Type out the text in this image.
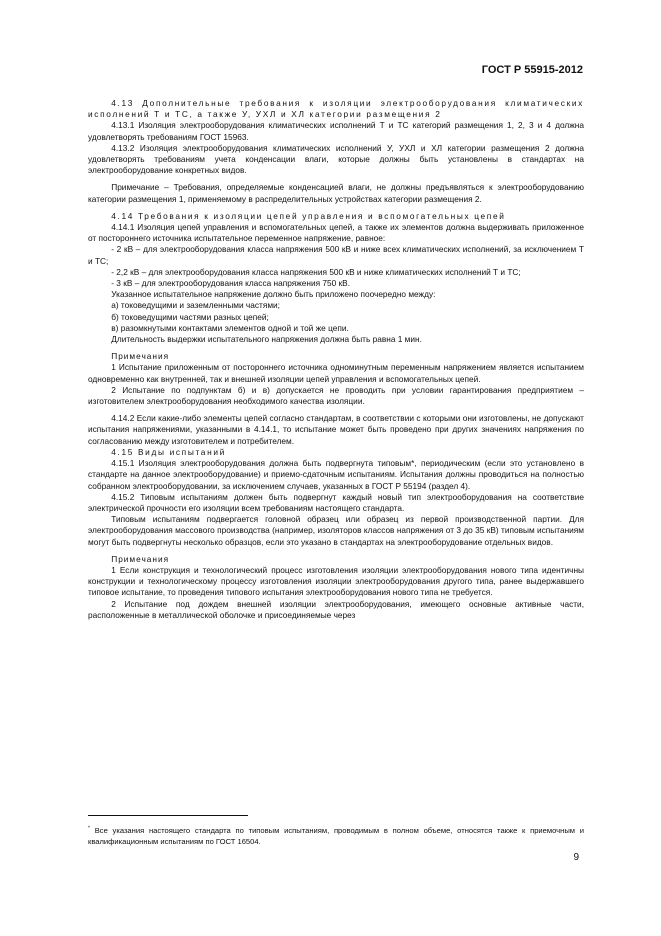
ГОСТ Р 55915-2012

4.13 Дополнительные требования к изоляции электрооборудования климатических исполнений Т и ТС, а также У, УХЛ и ХЛ категории размещения 2

4.13.1 Изоляция электрооборудования климатических исполнений Т и ТС категорий размещения 1, 2, 3 и 4 должна удовлетворять требованиям ГОСТ 15963.

4.13.2 Изоляция электрооборудования климатических исполнений У, УХЛ и ХЛ категории размещения 2 должна удовлетворять требованиям учета конденсации влаги, которые должны быть установлены в стандартах на электрооборудование конкретных видов.

Примечание – Требования, определяемые конденсацией влаги, не должны предъявляться к электрооборудованию категории размещения 1, применяемому в распределительных устройствах категории размещения 2.

4.14 Требования к изоляции цепей управления и вспомогательных цепей

4.14.1 Изоляция цепей управления и вспомогательных цепей, а также их элементов должна выдерживать приложенное от постороннего источника испытательное переменное напряжение, равное:

- 2 кВ – для электрооборудования класса напряжения 500 кВ и ниже всех климатических исполнений, за исключением Т и ТС;

- 2,2 кВ – для электрооборудования класса напряжения 500 кВ и ниже климатических исполнений Т и ТС;

- 3 кВ – для электрооборудования класса напряжения 750 кВ.

Указанное испытательное напряжение должно быть приложено поочередно между:

а) токоведущими и заземленными частями;

б) токоведущими частями разных цепей;

в) разомкнутыми контактами элементов одной и той же цепи.

Длительность выдержки испытательного напряжения должна быть равна 1 мин.

Примечания

1 Испытание приложенным от постороннего источника одноминутным переменным напряжением является испытанием одновременно как внутренней, так и внешней изоляции цепей управления и вспомогательных цепей.

2 Испытание по подпунктам б) и в) допускается не проводить при условии гарантирования предприятием – изготовителем электрооборудования необходимого качества изоляции.

4.14.2 Если какие-либо элементы цепей согласно стандартам, в соответствии с которыми они изготовлены, не допускают испытания напряжениями, указанными в 4.14.1, то испытание может быть проведено при других значениях напряжения по согласованию между изготовителем и потребителем.

4.15 Виды испытаний

4.15.1 Изоляция электрооборудования должна быть подвергнута типовым*, периодическим (если это установлено в стандарте на данное электрооборудование) и приемо-сдаточным испытаниям. Испытания должны проводиться на полностью собранном электрооборудовании, за исключением случаев, указанных в ГОСТ Р 55194 (раздел 4).

4.15.2 Типовым испытаниям должен быть подвергнут каждый новый тип электрооборудования на соответствие электрической прочности его изоляции всем требованиям настоящего стандарта.

Типовым испытаниям подвергается головной образец или образец из первой производственной партии. Для электрооборудования массового производства (например, изоляторов классов напряжения от 3 до 35 кВ) типовым испытаниям могут быть подвергнуты несколько образцов, если это указано в стандартах на электрооборудование отдельных видов.

Примечания

1 Если конструкция и технологический процесс изготовления изоляции электрооборудования нового типа идентичны конструкции и технологическому процессу изготовления изоляции электрооборудования другого типа, ранее выдержавшего типовое испытание, то проведения типового испытания электрооборудования нового типа не требуется.

2 Испытание под дождем внешней изоляции электрооборудования, имеющего основные активные части, расположенные в металлической оболочке и присоединяемые через

* Все указания настоящего стандарта по типовым испытаниям, проводимым в полном объеме, относятся также к приемочным и квалификационным испытаниям по ГОСТ 16504.
9
